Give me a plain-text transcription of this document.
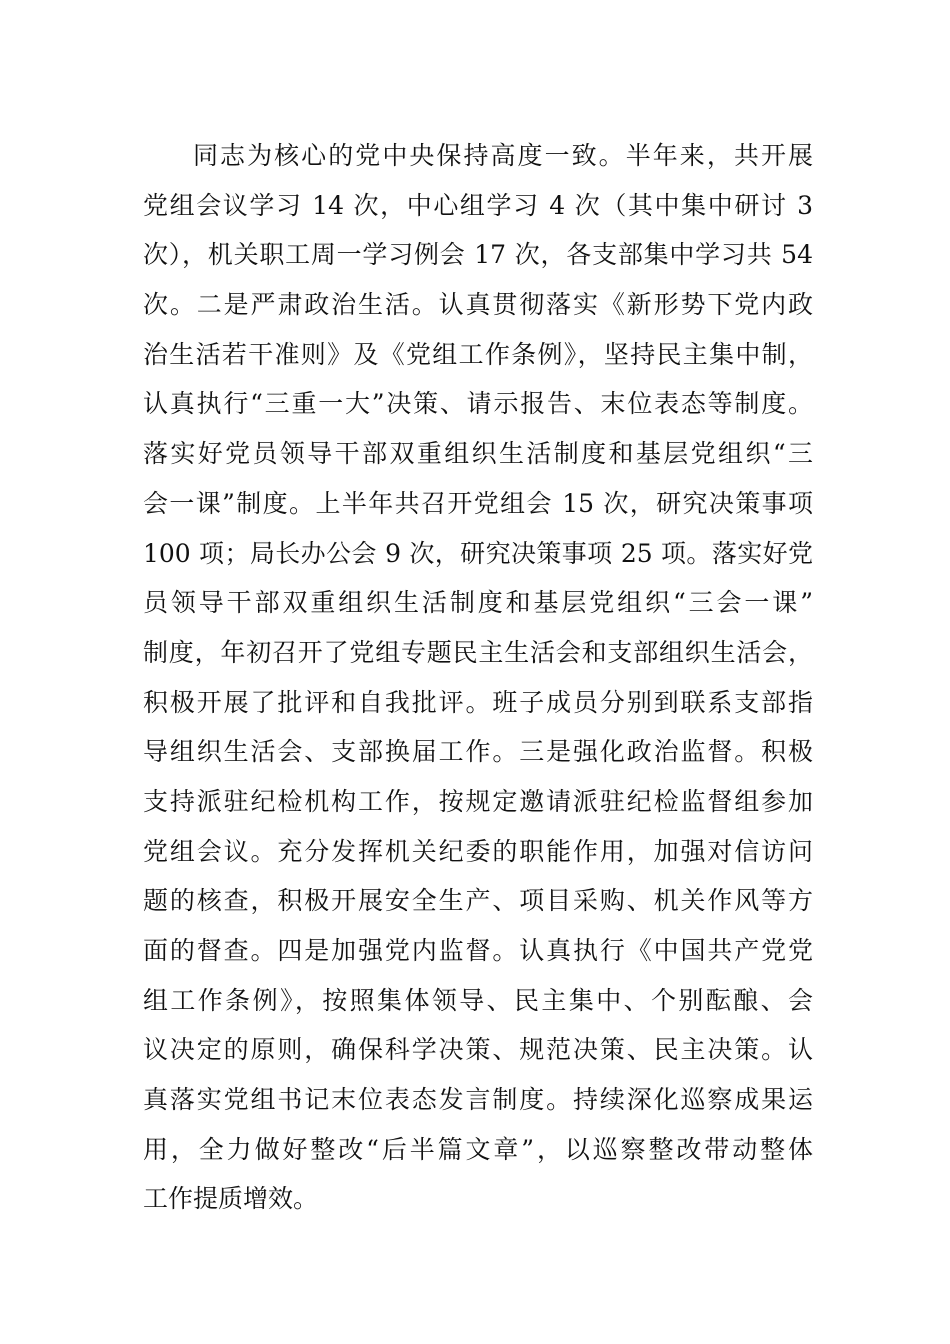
同志为核心的党中央保持高度一致。半年来，共开展
党组会议学习 14 次，中心组学习 4 次（其中集中研讨 3
次），机关职工周一学习例会 17 次，各支部集中学习共 54
次。二是严肃政治生活。认真贯彻落实《新形势下党内政
治生活若干准则》及《党组工作条例》，坚持民主集中制，
认真执行“三重一大”决策、请示报告、末位表态等制度。
落实好党员领导干部双重组织生活制度和基层党组织“三
会一课”制度。上半年共召开党组会 15 次，研究决策事项
100 项；局长办公会 9 次，研究决策事项 25 项。落实好党
员领导干部双重组织生活制度和基层党组织“三会一课”
制度，年初召开了党组专题民主生活会和支部组织生活会，
积极开展了批评和自我批评。班子成员分别到联系支部指
导组织生活会、支部换届工作。三是强化政治监督。积极
支持派驻纪检机构工作，按规定邀请派驻纪检监督组参加
党组会议。充分发挥机关纪委的职能作用，加强对信访问
题的核查，积极开展安全生产、项目采购、机关作风等方
面的督查。四是加强党内监督。认真执行《中国共产党党
组工作条例》，按照集体领导、民主集中、个别酝酿、会
议决定的原则，确保科学决策、规范决策、民主决策。认
真落实党组书记末位表态发言制度。持续深化巡察成果运
用，全力做好整改“后半篇文章”，以巡察整改带动整体
工作提质增效。
